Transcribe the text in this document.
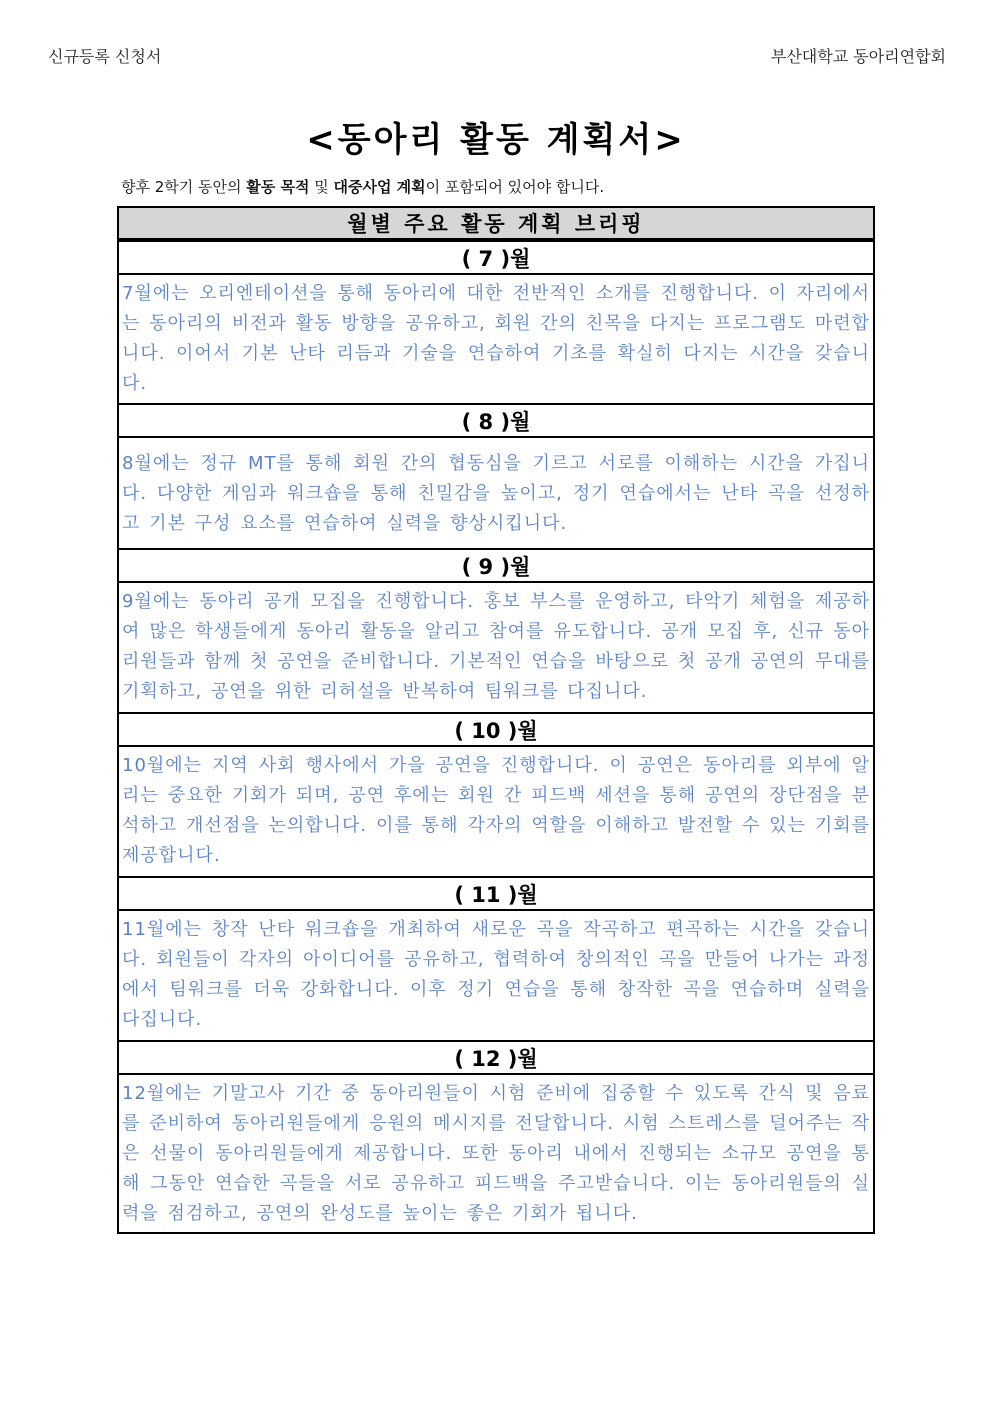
신규등록 신청서	부산대학교 동아리연합회
<동아리 활동 계획서>
향후 2학기 동안의 활동 목적 및 대중사업 계획이 포함되어 있어야 합니다.
월별 주요 활동 계획 브리핑
( 7 )월

7월에는 오리엔테이션을 통해 동아리에 대한 전반적인 소개를 진행합니다. 이 자리에서는 동아리의 비전과 활동 방향을 공유하고, 회원 간의 친목을 다지는 프로그램도 마련합니다. 이어서 기본 난타 리듬과 기술을 연습하여 기초를 확실히 다지는 시간을 갖습니다.

( 8 )월

8월에는 정규 MT를 통해 회원 간의 협동심을 기르고 서로를 이해하는 시간을 가집니다. 다양한 게임과 워크숍을 통해 친밀감을 높이고, 정기 연습에서는 난타 곡을 선정하고 기본 구성 요소를 연습하여 실력을 향상시킵니다.

( 9 )월

9월에는 동아리 공개 모집을 진행합니다. 홍보 부스를 운영하고, 타악기 체험을 제공하여 많은 학생들에게 동아리 활동을 알리고 참여를 유도합니다. 공개 모집 후, 신규 동아리원들과 함께 첫 공연을 준비합니다. 기본적인 연습을 바탕으로 첫 공개 공연의 무대를 기획하고, 공연을 위한 리허설을 반복하여 팀워크를 다집니다.

( 10 )월

10월에는 지역 사회 행사에서 가을 공연을 진행합니다. 이 공연은 동아리를 외부에 알리는 중요한 기회가 되며, 공연 후에는 회원 간 피드백 세션을 통해 공연의 장단점을 분석하고 개선점을 논의합니다. 이를 통해 각자의 역할을 이해하고 발전할 수 있는 기회를 제공합니다.

( 11 )월

11월에는 창작 난타 워크숍을 개최하여 새로운 곡을 작곡하고 편곡하는 시간을 갖습니다. 회원들이 각자의 아이디어를 공유하고, 협력하여 창의적인 곡을 만들어 나가는 과정에서 팀워크를 더욱 강화합니다. 이후 정기 연습을 통해 창작한 곡을 연습하며 실력을 다집니다.

( 12 )월

12월에는 기말고사 기간 중 동아리원들이 시험 준비에 집중할 수 있도록 간식 및 음료를 준비하여 동아리원들에게 응원의 메시지를 전달합니다. 시험 스트레스를 덜어주는 작은 선물이 동아리원들에게 제공합니다. 또한 동아리 내에서 진행되는 소규모 공연을 통해 그동안 연습한 곡들을 서로 공유하고 피드백을 주고받습니다. 이는 동아리원들의 실력을 점검하고, 공연의 완성도를 높이는 좋은 기회가 됩니다.
